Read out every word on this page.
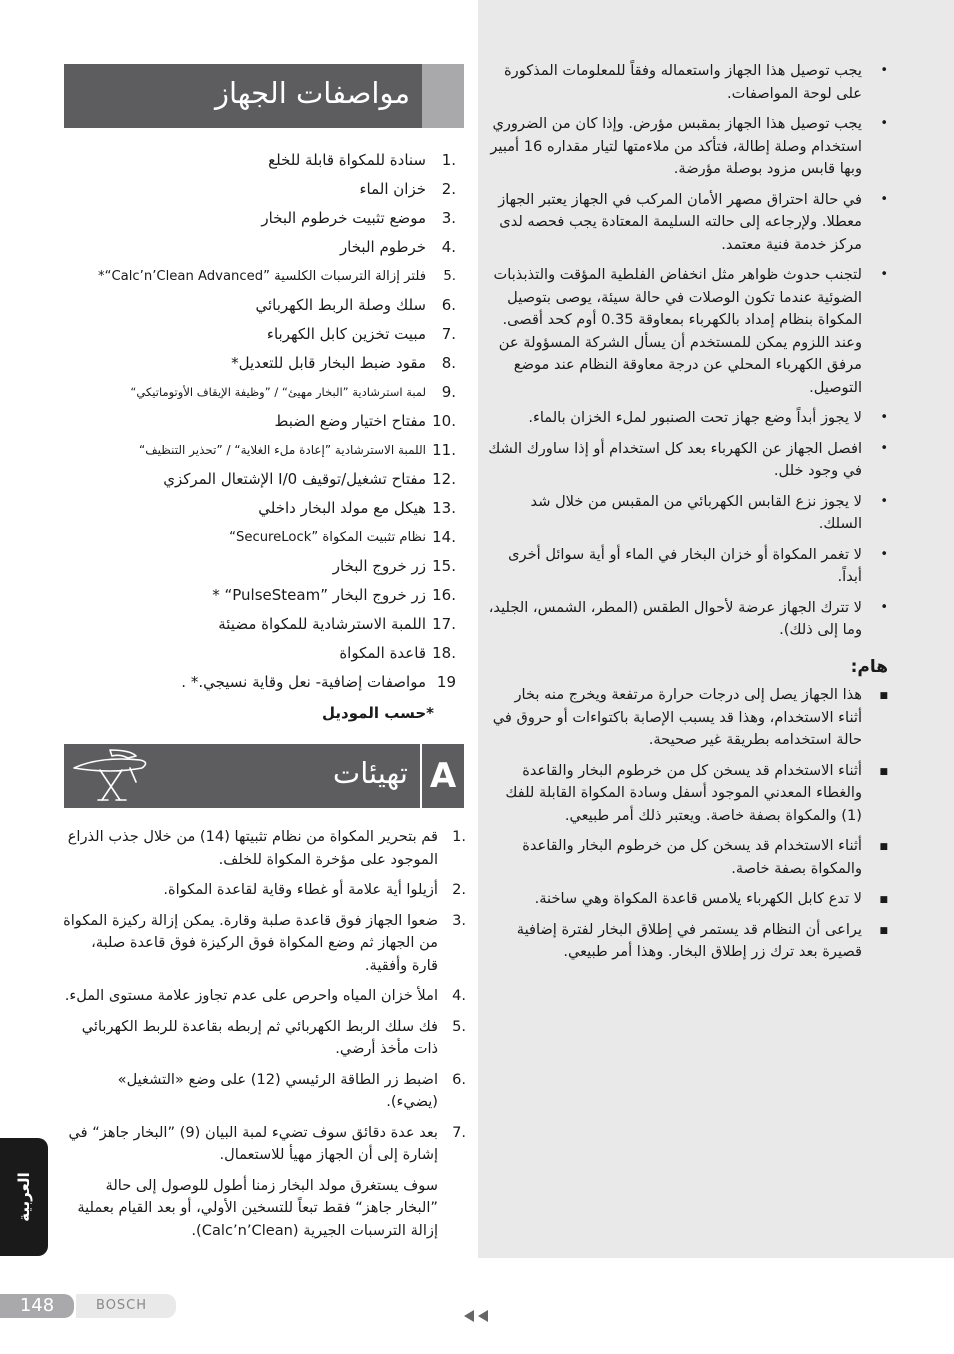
•
يجب توصيل هذا الجهاز واستعماله وفقاً للمعلومات المذكورة على لوحة المواصفات.
•
يجب توصيل هذا الجهاز بمقبس مؤرض. وإذا كان من الضروري استخدام وصلة إطالة، فتأكد من ملاءمتها لتيار مقداره 16 أمبير وبها قابس مزود بوصلة مؤرضة.
•
في حالة احتراق مصهر الأمان المركب في الجهاز يعتبر الجهاز معطلا. ولإرجاعه إلى حالته السليمة المعتادة يجب فحصه لدى مركز خدمة فنية معتمد.
•
لتجنب حدوث ظواهر مثل انخفاض الفلطية المؤقت والتذبذبات الضوئية عندما تكون الوصلات في حالة سيئة، يوصى بتوصيل المكواة بنظام إمداد بالكهرباء بمعاوقة 0.35 أوم كحد أقصى. وعند اللزوم يمكن للمستخدم أن يسأل الشركة المسؤولة عن مرفق الكهرباء المحلي عن درجة معاوقة النظام عند موضع التوصيل.
•
لا يجوز أبداً وضع جهاز تحت الصنبور لملء الخزان بالماء.
•
افصل الجهاز عن الكهرباء بعد كل استخدام أو إذا ساورك الشك في وجود خلل.
•
لا يجوز نزع القابس الكهربائي من المقبس من خلال شد السلك.
•
لا تغمر المكواة أو خزان البخار في الماء أو أية سوائل أخرى أبداً.
•
لا تترك الجهاز عرضة لأحوال الطقس (المطر، الشمس، الجليد، وما إلى ذلك).
هام:
■
هذا الجهاز يصل إلى درجات حرارة مرتفعة ويخرج منه بخار أثناء الاستخدام، وهذا قد يسبب الإصابة باكتواءات أو حروق في حالة استخدامه بطريقة غير صحيحة.
■
أثناء الاستخدام قد يسخن كل من خرطوم البخار والقاعدة والغطاء المعدني الموجود أسفل وسادة المكواة القابلة للفك (1) والمكواة بصفة خاصة. ويعتبر ذلك أمر طبيعي.
■
أثناء الاستخدام قد يسخن كل من خرطوم البخار والقاعدة والمكواة بصفة خاصة.
■
لا تدع كابل الكهرباء يلامس قاعدة المكواة وهي ساخنة.
■
يراعى أن النظام قد يستمر في إطلاق البخار لفترة إضافية قصيرة بعد ترك زر إطلاق البخار. وهذا أمر طبيعي.
مواصفات الجهاز
1.
سنادة للمكواة قابلة للخلع
2.
خزان الماء
3.
موضع تثبيت خرطوم البخار
4.
خرطوم البخار
5.
فلتر إزالة الترسبات الكلسية ”Calc’n’Clean Advanced“*
6.
سلك وصلة الربط الكهربائي
7.
مبيت تخزين كابل الكهرباء
8.
مقود ضبط البخار قابل للتعديل*
9.
لمبة استرشادية ”البخار مهيئ“ / ”وظيفة الإيقاف الأوتوماتيكي“
10.
مفتاح اختيار وضع الضبط
11.
اللمبة الاسترشادية ”إعادة ملء الغلاية“ / ”تحذير التنظيف“
12.
مفتاح تشغيل/توقيف I/0 الإشتعال المركزي
13.
هيكل مع مولد البخار داخلي
14.
نظام تثبيت المكواة ”SecureLock“
15.
زر خروج البخار
16.
زر خروج البخار ”PulseSteam“ *
17.
اللمبة الاسترشادية للمكواة مضيئة
18.
قاعدة المكواة
19
مواصفات إضافية- نعل وقاية نسيجي.* .
*حسب الموديل
تهيئات A
1.
قم بتحرير المكواة من نظام تثبيتها (14) من خلال جذب الذراع الموجود على مؤخرة المكواة للخلف.
2.
أزيلوا أية علامة أو غطاء وقاية لقاعدة المكواة.
3.
ضعوا الجهاز فوق قاعدة صلبة وقارة. يمكن إزالة ركيزة المكواة من الجهاز ثم وضع المكواة فوق الركيزة فوق قاعدة صلبة، قارة وأفقية.
4.
املأ خزان المياه واحرص على عدم تجاوز علامة مستوى الملء.
5.
فك سلك الربط الكهربائي ثم إربطه بقاعدة للربط الكهربائي ذات مأخذ أرضي.
6.
اضبط زر الطاقة الرئيسي (12) على وضع «التشغيل» (يضيء).
7.
بعد عدة دقائق سوف تضيء لمبة البيان (9) ”البخار جاهز“ في إشارة إلى أن الجهاز مهيأ للاستعمال.

سوف يستغرق مولد البخار زمنا أطول للوصول إلى حالة ”البخار جاهز“ فقط تبعاً للتسخين الأولي، أو بعد القيام بعملية إزالة الترسبات الجيرية (Calc’n’Clean).

العربية
148	BOSCH
